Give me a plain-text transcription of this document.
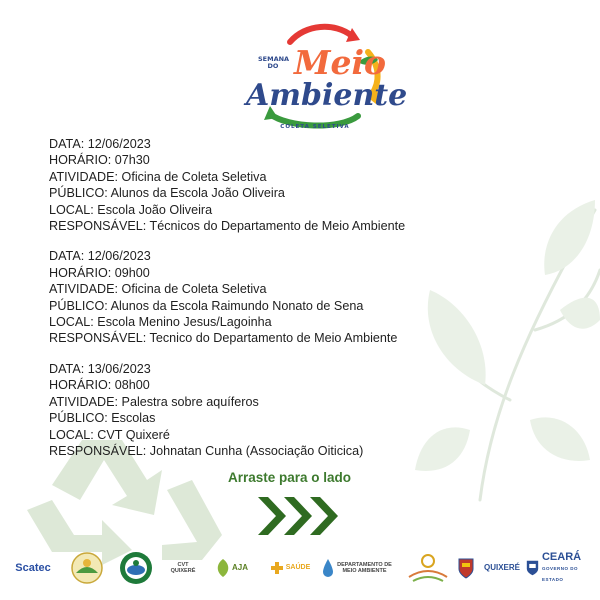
SEMANA
DO Meio
Ambiente
COLETA SELETIVA
DATA: 12/06/2023
HORÁRIO: 07h30
ATIVIDADE: Oficina de Coleta Seletiva
PÚBLICO: Alunos da Escola João Oliveira
LOCAL: Escola João Oliveira
RESPONSÁVEL: Técnicos do Departamento de Meio Ambiente
DATA: 12/06/2023
HORÁRIO: 09h00
ATIVIDADE: Oficina de Coleta Seletiva
PÚBLICO: Alunos da Escola Raimundo Nonato de Sena
LOCAL: Escola Menino Jesus/Lagoinha
RESPONSÁVEL: Tecnico do Departamento de Meio Ambiente
DATA: 13/06/2023
HORÁRIO: 08h00
ATIVIDADE: Palestra sobre aquíferos
PÚBLICO: Escolas
LOCAL: CVT Quixeré
RESPONSÁVEL: Johnatan Cunha (Associação Oiticica)
Arraste para o lado
Scatec	CVT
QUIXERÉ	AJA	SAÚDE	DEPARTAMENTO DE
MEIO AMBIENTE	QUIXERÉ
CEARÁ
GOVERNO DO ESTADO
